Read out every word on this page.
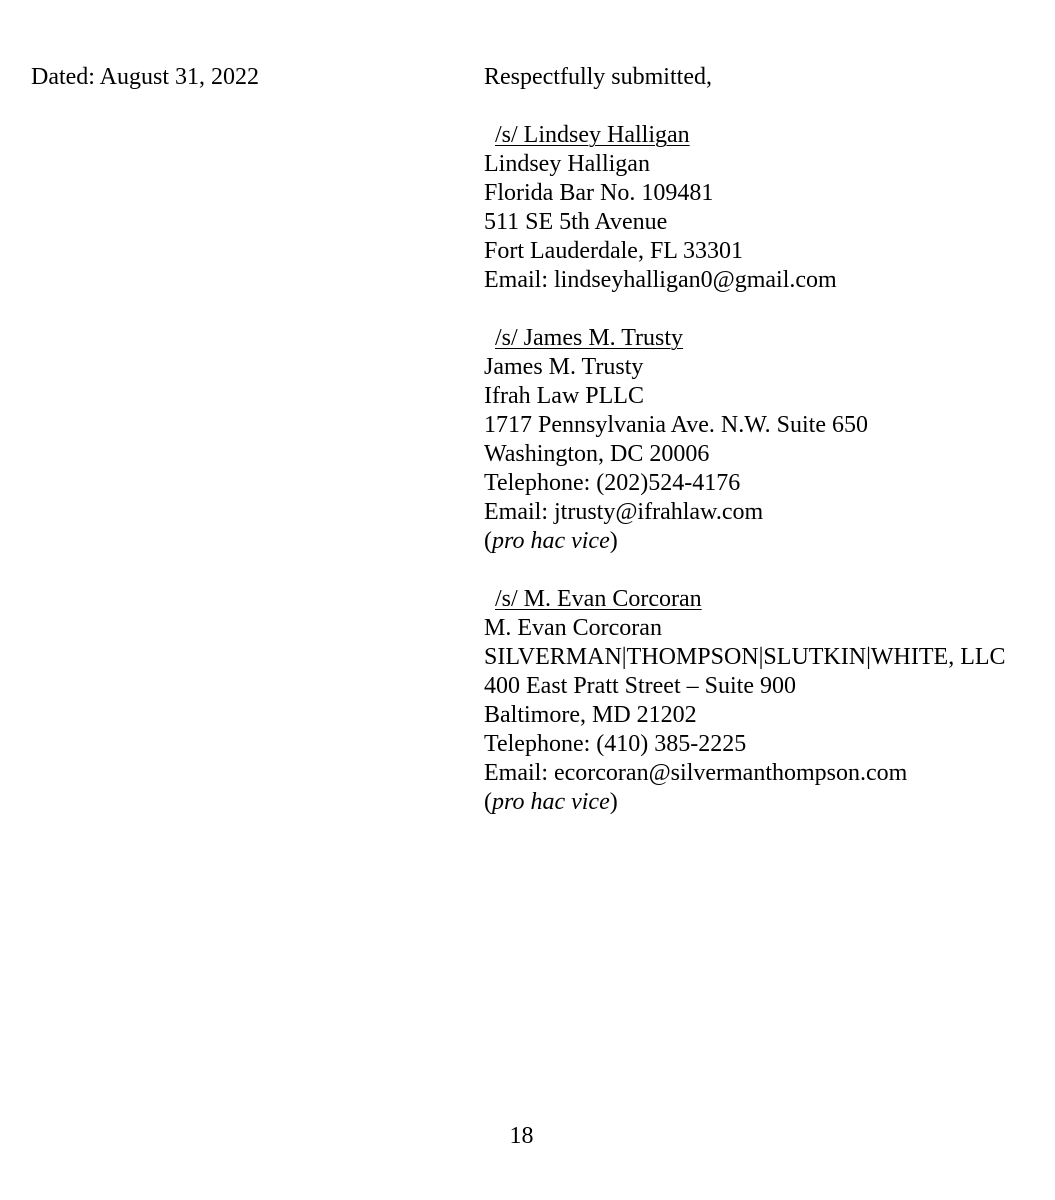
Dated: August 31, 2022	Respectfully submitted,
/s/ Lindsey Halligan
Lindsey Halligan
Florida Bar No. 109481
511 SE 5th Avenue
Fort Lauderdale, FL 33301
Email: lindseyhalligan0@gmail.com
/s/ James M. Trusty
James M. Trusty
Ifrah Law PLLC
1717 Pennsylvania Ave. N.W. Suite 650
Washington, DC 20006
Telephone: (202)524-4176
Email: jtrusty@ifrahlaw.com
(pro hac vice)
/s/ M. Evan Corcoran
M. Evan Corcoran
SILVERMAN|THOMPSON|SLUTKIN|WHITE, LLC
400 East Pratt Street – Suite 900
Baltimore, MD 21202
Telephone: (410) 385-2225
Email: ecorcoran@silvermanthompson.com
(pro hac vice)
18
